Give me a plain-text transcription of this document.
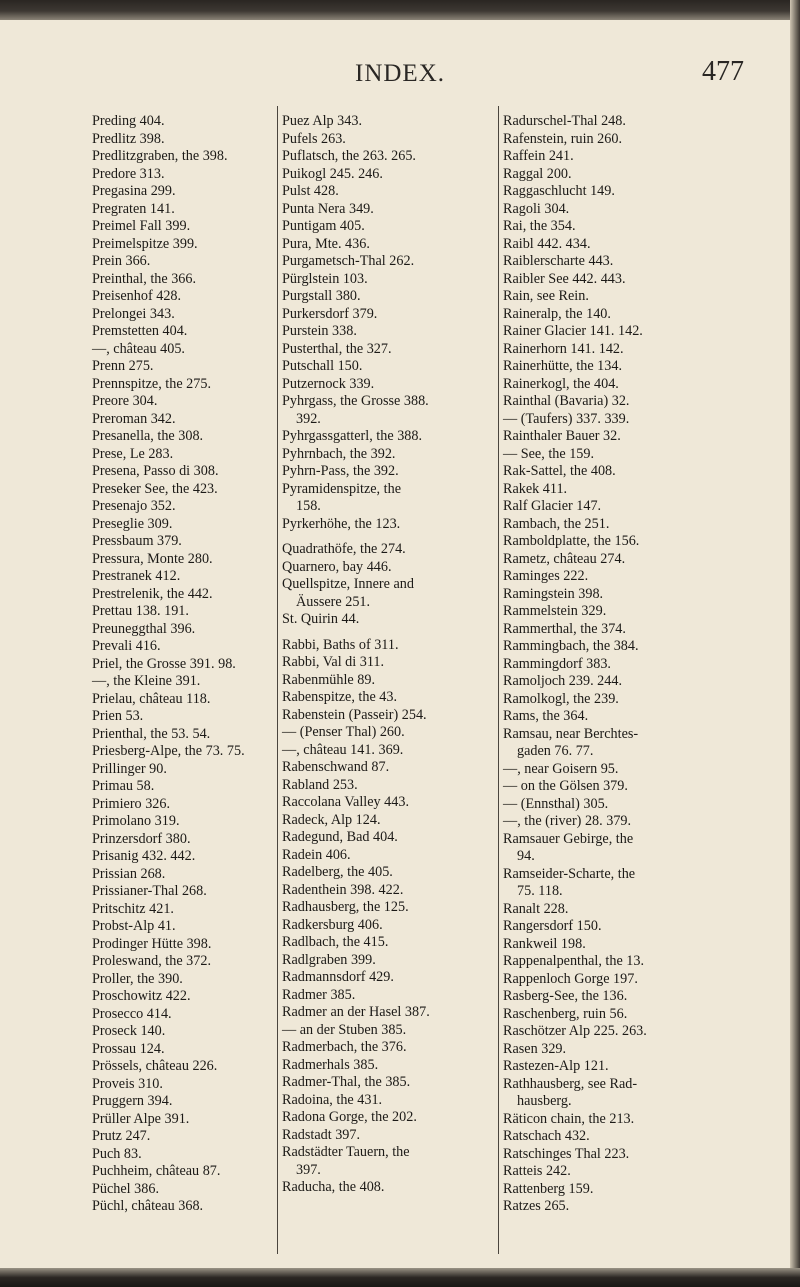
INDEX.	477
Preding 404.
Predlitz 398.
Predlitzgraben, the 398.
Predore 313.
Pregasina 299.
Pregraten 141.
Preimel Fall 399.
Preimelspitze 399.
Prein 366.
Preinthal, the 366.
Preisenhof 428.
Prelongei 343.
Premstetten 404.
—, château 405.
Prenn 275.
Prennspitze, the 275.
Preore 304.
Preroman 342.
Presanella, the 308.
Prese, Le 283.
Presena, Passo di 308.
Preseker See, the 423.
Presenajo 352.
Preseglie 309.
Pressbaum 379.
Pressura, Monte 280.
Prestranek 412.
Prestrelenik, the 442.
Prettau 138. 191.
Preuneggthal 396.
Prevali 416.
Priel, the Grosse 391. 98.
—, the Kleine 391.
Prielau, château 118.
Prien 53.
Prienthal, the 53. 54.
Priesberg-Alpe, the 73. 75.
Prillinger 90.
Primau 58.
Primiero 326.
Primolano 319.
Prinzersdorf 380.
Prisanig 432. 442.
Prissian 268.
Prissianer-Thal 268.
Pritschitz 421.
Probst-Alp 41.
Prodinger Hütte 398.
Proleswand, the 372.
Proller, the 390.
Proschowitz 422.
Prosecco 414.
Proseck 140.
Prossau 124.
Prössels, château 226.
Proveis 310.
Pruggern 394.
Prüller Alpe 391.
Prutz 247.
Puch 83.
Puchheim, château 87.
Püchel 386.
Püchl, château 368.
Puez Alp 343.
Pufels 263.
Puflatsch, the 263. 265.
Puikogl 245. 246.
Pulst 428.
Punta Nera 349.
Puntigam 405.
Pura, Mte. 436.
Purgametsch-Thal 262.
Pürglstein 103.
Purgstall 380.
Purkersdorf 379.
Purstein 338.
Pusterthal, the 327.
Putschall 150.
Putzernock 339.
Pyhrgass, the Grosse 388.
392.
Pyhrgassgatterl, the 388.
Pyhrnbach, the 392.
Pyhrn-Pass, the 392.
Pyramidenspitze, the
158.
Pyrkerhöhe, the 123.
Quadrathöfe, the 274.
Quarnero, bay 446.
Quellspitze, Innere and
Äussere 251.
St. Quirin 44.
Rabbi, Baths of 311.
Rabbi, Val di 311.
Rabenmühle 89.
Rabenspitze, the 43.
Rabenstein (Passeir) 254.
— (Penser Thal) 260.
—, château 141. 369.
Rabenschwand 87.
Rabland 253.
Raccolana Valley 443.
Radeck, Alp 124.
Radegund, Bad 404.
Radein 406.
Radelberg, the 405.
Radenthein 398. 422.
Radhausberg, the 125.
Radkersburg 406.
Radlbach, the 415.
Radlgraben 399.
Radmannsdorf 429.
Radmer 385.
Radmer an der Hasel 387.
— an der Stuben 385.
Radmerbach, the 376.
Radmerhals 385.
Radmer-Thal, the 385.
Radoina, the 431.
Radona Gorge, the 202.
Radstadt 397.
Radstädter Tauern, the
397.
Raducha, the 408.
Radurschel-Thal 248.
Rafenstein, ruin 260.
Raffein 241.
Raggal 200.
Raggaschlucht 149.
Ragoli 304.
Rai, the 354.
Raibl 442. 434.
Raiblerscharte 443.
Raibler See 442. 443.
Rain, see Rein.
Raineralp, the 140.
Rainer Glacier 141. 142.
Rainerhorn 141. 142.
Rainerhütte, the 134.
Rainerkogl, the 404.
Rainthal (Bavaria) 32.
— (Taufers) 337. 339.
Rainthaler Bauer 32.
— See, the 159.
Rak-Sattel, the 408.
Rakek 411.
Ralf Glacier 147.
Rambach, the 251.
Ramboldplatte, the 156.
Rametz, château 274.
Raminges 222.
Ramingstein 398.
Rammelstein 329.
Rammerthal, the 374.
Rammingbach, the 384.
Rammingdorf 383.
Ramoljoch 239. 244.
Ramolkogl, the 239.
Rams, the 364.
Ramsau, near Berchtes-
gaden 76. 77.
—, near Goisern 95.
— on the Gölsen 379.
— (Ennsthal) 305.
—, the (river) 28. 379.
Ramsauer Gebirge, the
94.
Ramseider-Scharte, the
75. 118.
Ranalt 228.
Rangersdorf 150.
Rankweil 198.
Rappenalpenthal, the 13.
Rappenloch Gorge 197.
Rasberg-See, the 136.
Raschenberg, ruin 56.
Raschötzer Alp 225. 263.
Rasen 329.
Rastezen-Alp 121.
Rathhausberg, see Rad-
hausberg.
Räticon chain, the 213.
Ratschach 432.
Ratschinges Thal 223.
Ratteis 242.
Rattenberg 159.
Ratzes 265.
